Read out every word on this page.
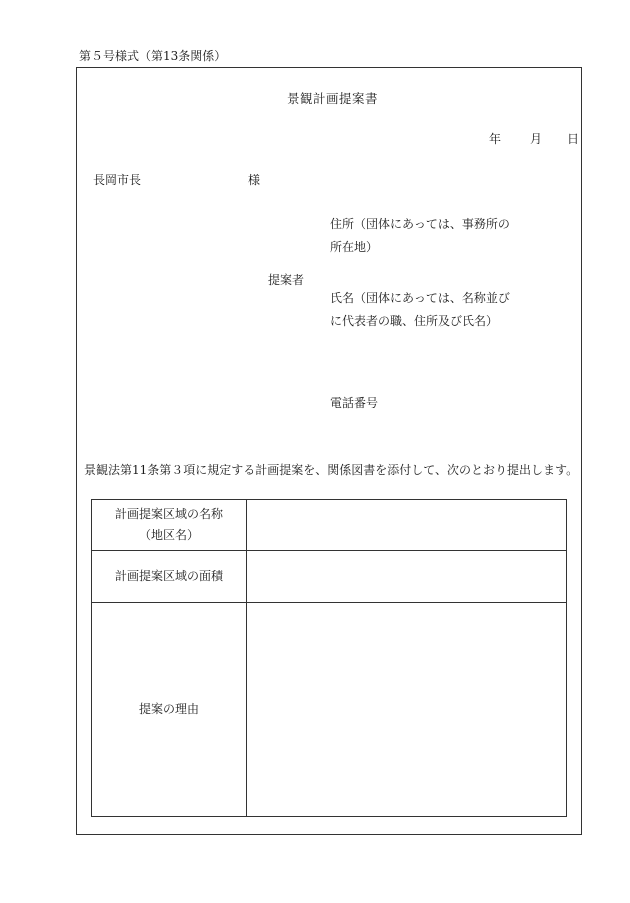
第５号様式（第13条関係）
景観計画提案書
年 月 日
長岡市長	様
住所（団体にあっては、事務所の所在地）
提案者
氏名（団体にあっては、名称並びに代表者の職、住所及び氏名）
電話番号
景観法第11条第３項に規定する計画提案を、関係図書を添付して、次のとおり提出します。
計画提案区域の名称
（地区名）	
計画提案区域の面積	
提案の理由	
